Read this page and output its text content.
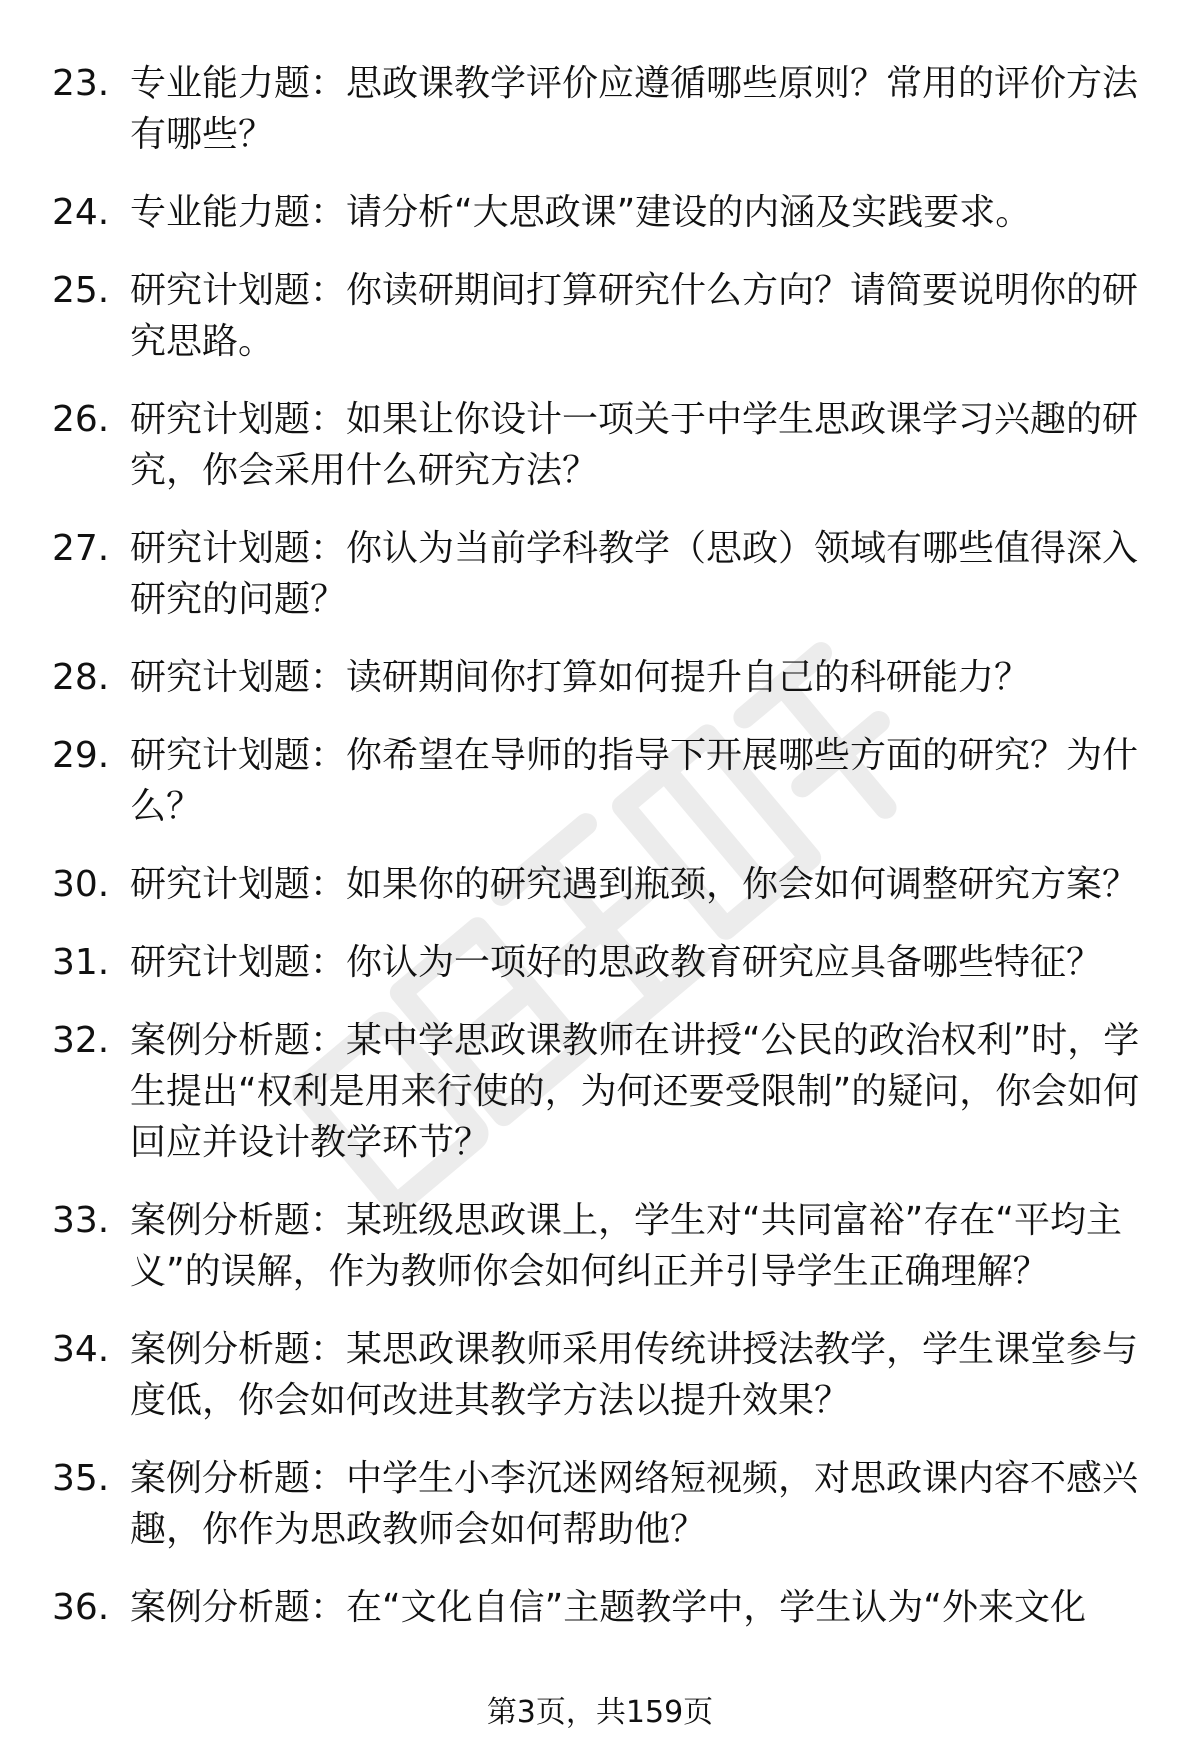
23. 专业能力题：思政课教学评价应遵循哪些原则？常用的评价方法有哪些？
24. 专业能力题：请分析“大思政课”建设的内涵及实践要求。
25. 研究计划题：你读研期间打算研究什么方向？请简要说明你的研究思路。
26. 研究计划题：如果让你设计一项关于中学生思政课学习兴趣的研究，你会采用什么研究方法？
27. 研究计划题：你认为当前学科教学（思政）领域有哪些值得深入研究的问题？
28. 研究计划题：读研期间你打算如何提升自己的科研能力？
29. 研究计划题：你希望在导师的指导下开展哪些方面的研究？为什么？
30. 研究计划题：如果你的研究遇到瓶颈，你会如何调整研究方案？
31. 研究计划题：你认为一项好的思政教育研究应具备哪些特征？
32. 案例分析题：某中学思政课教师在讲授“公民的政治权利”时，学生提出“权利是用来行使的，为何还要受限制”的疑问，你会如何回应并设计教学环节？
33. 案例分析题：某班级思政课上，学生对“共同富裕”存在“平均主义”的误解，作为教师你会如何纠正并引导学生正确理解？
34. 案例分析题：某思政课教师采用传统讲授法教学，学生课堂参与度低，你会如何改进其教学方法以提升效果？
35. 案例分析题：中学生小李沉迷网络短视频，对思政课内容不感兴趣，你作为思政教师会如何帮助他？
36. 案例分析题：在“文化自信”主题教学中，学生认为“外来文化
第3页，共159页
